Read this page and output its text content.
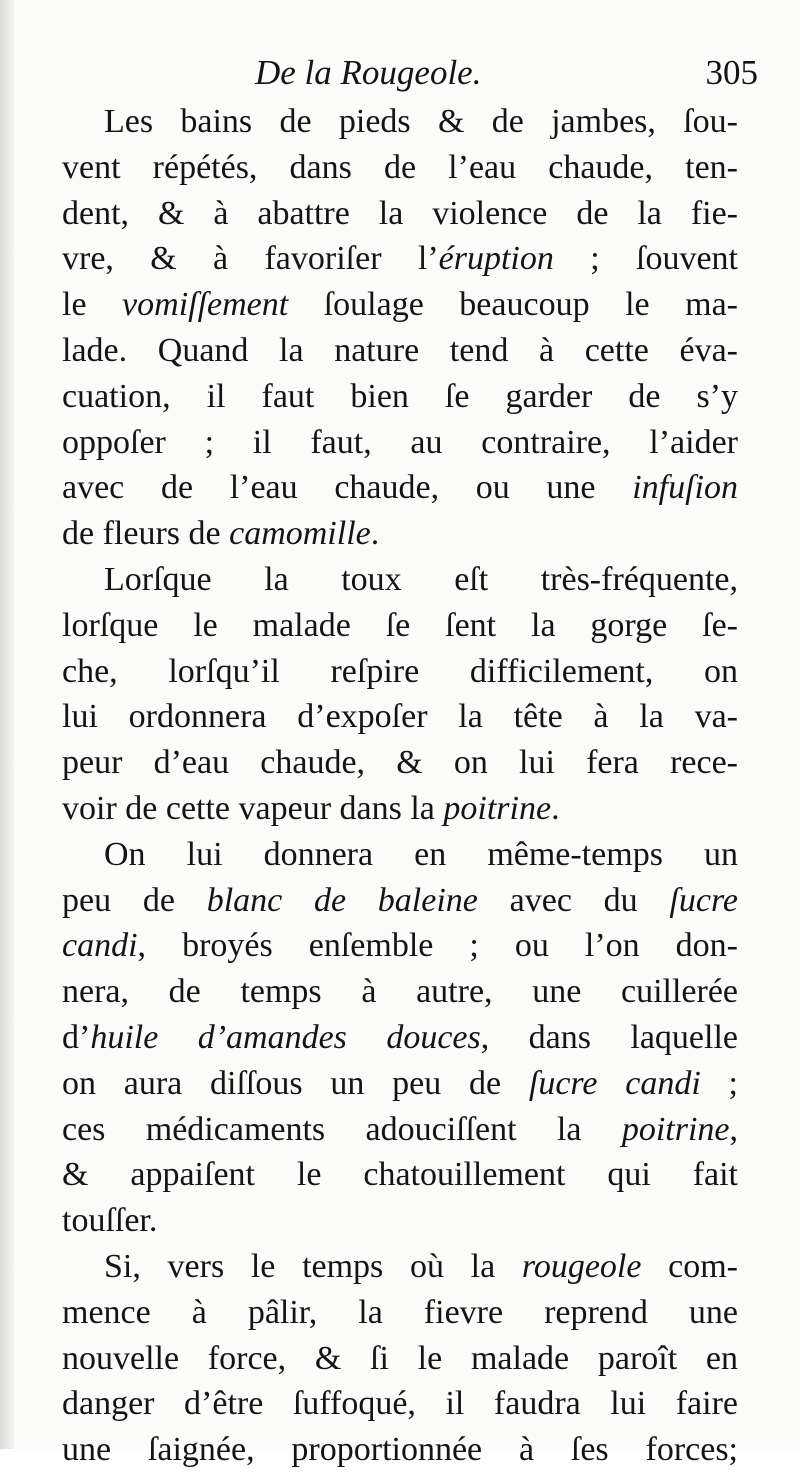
De la Rougeole.	305
Les bains de pieds & de jambes, ſou-
vent répétés, dans de l’eau chaude, ten-
dent, & à abattre la violence de la fie-
vre, & à favoriſer l’éruption ; ſouvent
le vomiſſement ſoulage beaucoup le ma-
lade. Quand la nature tend à cette éva-
cuation, il faut bien ſe garder de s’y
oppoſer ; il faut, au contraire, l’aider
avec de l’eau chaude, ou une infuſion
de fleurs de camomille.
Lorſque la toux eſt très-fréquente,
lorſque le malade ſe ſent la gorge ſe-
che, lorſqu’il reſpire difficilement, on
lui ordonnera d’expoſer la tête à la va-
peur d’eau chaude, & on lui fera rece-
voir de cette vapeur dans la poitrine.
On lui donnera en même-temps un
peu de blanc de baleine avec du ſucre
candi, broyés enſemble ; ou l’on don-
nera, de temps à autre, une cuillerée
d’huile d’amandes douces, dans laquelle
on aura diſſous un peu de ſucre candi ;
ces médicaments adouciſſent la poitrine,
& appaiſent le chatouillement qui fait
touſſer.
Si, vers le temps où la rougeole com-
mence à pâlir, la fievre reprend une
nouvelle force, & ſi le malade paroît en
danger d’être ſuffoqué, il faudra lui faire
une ſaignée, proportionnée à ſes forces;
